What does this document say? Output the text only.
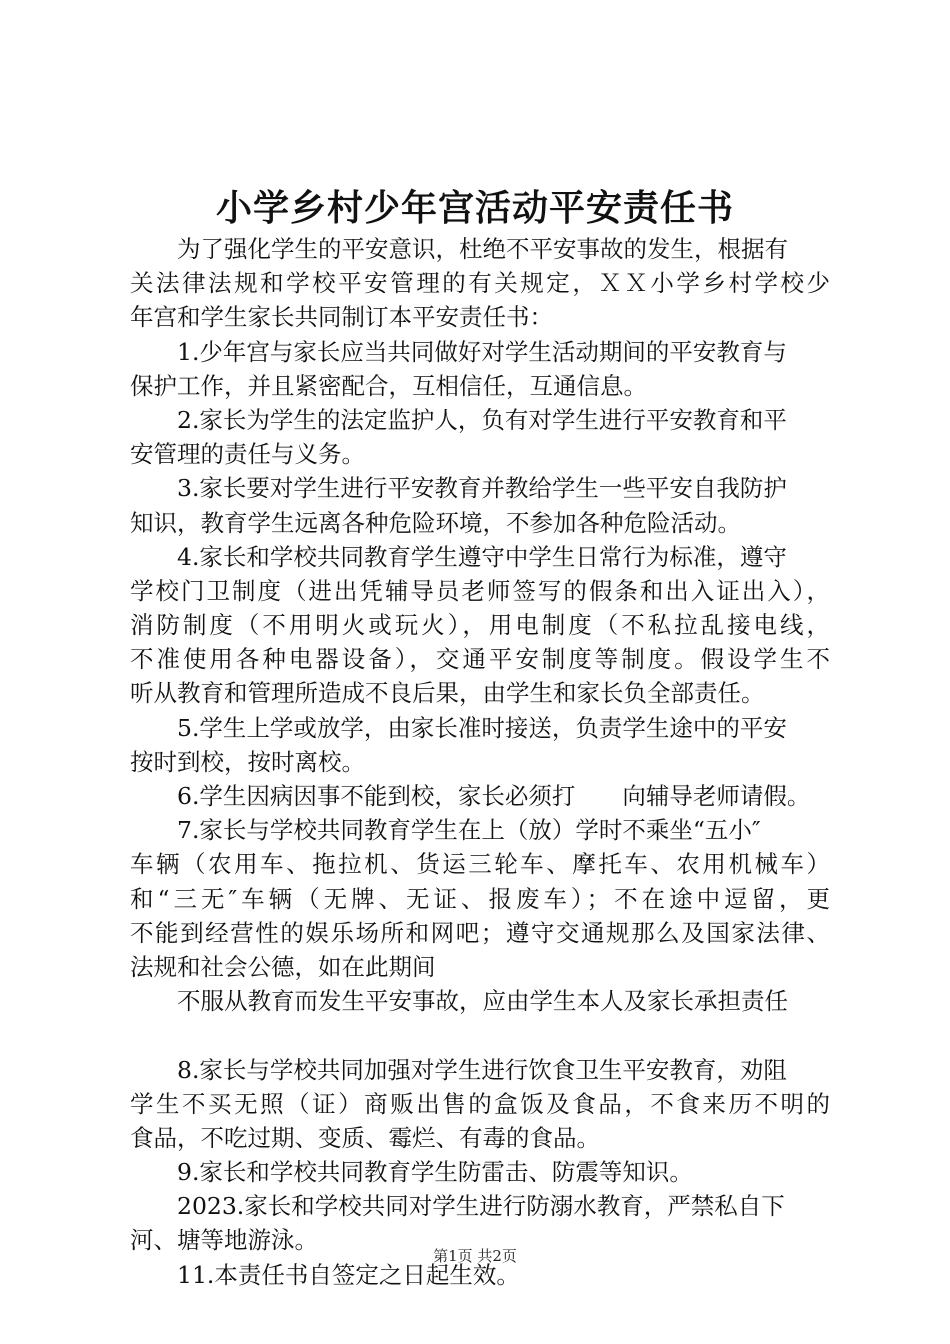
小学乡村少年宫活动平安责任书
为了强化学生的平安意识，杜绝不平安事故的发生，根据有
关法律法规和学校平安管理的有关规定，ＸＸ小学乡村学校少
年宫和学生家长共同制订本平安责任书：
1.少年宫与家长应当共同做好对学生活动期间的平安教育与
保护工作，并且紧密配合，互相信任，互通信息。
2.家长为学生的法定监护人，负有对学生进行平安教育和平
安管理的责任与义务。
3.家长要对学生进行平安教育并教给学生一些平安自我防护
知识，教育学生远离各种危险环境，不参加各种危险活动。
4.家长和学校共同教育学生遵守中学生日常行为标准，遵守
学校门卫制度（进出凭辅导员老师签写的假条和出入证出入），
消防制度（不用明火或玩火），用电制度（不私拉乱接电线，
不准使用各种电器设备），交通平安制度等制度。假设学生不
听从教育和管理所造成不良后果，由学生和家长负全部责任。
5.学生上学或放学，由家长准时接送，负责学生途中的平安
按时到校，按时离校。
6.学生因病因事不能到校，家长必须打　　向辅导老师请假。
7.家长与学校共同教育学生在上（放）学时不乘坐“五小″
车辆（农用车、拖拉机、货运三轮车、摩托车、农用机械车）
和“三无″车辆（无牌、无证、报废车）；不在途中逗留，更
不能到经营性的娱乐场所和网吧；遵守交通规那么及国家法律、
法规和社会公德，如在此期间
不服从教育而发生平安事故，应由学生本人及家长承担责任
8.家长与学校共同加强对学生进行饮食卫生平安教育，劝阻
学生不买无照（证）商贩出售的盒饭及食品，不食来历不明的
食品，不吃过期、变质、霉烂、有毒的食品。
9.家长和学校共同教育学生防雷击、防震等知识。
2023.家长和学校共同对学生进行防溺水教育，严禁私自下
河、塘等地游泳。
11.本责任书自签定之日起生效。
第1页 共2页
